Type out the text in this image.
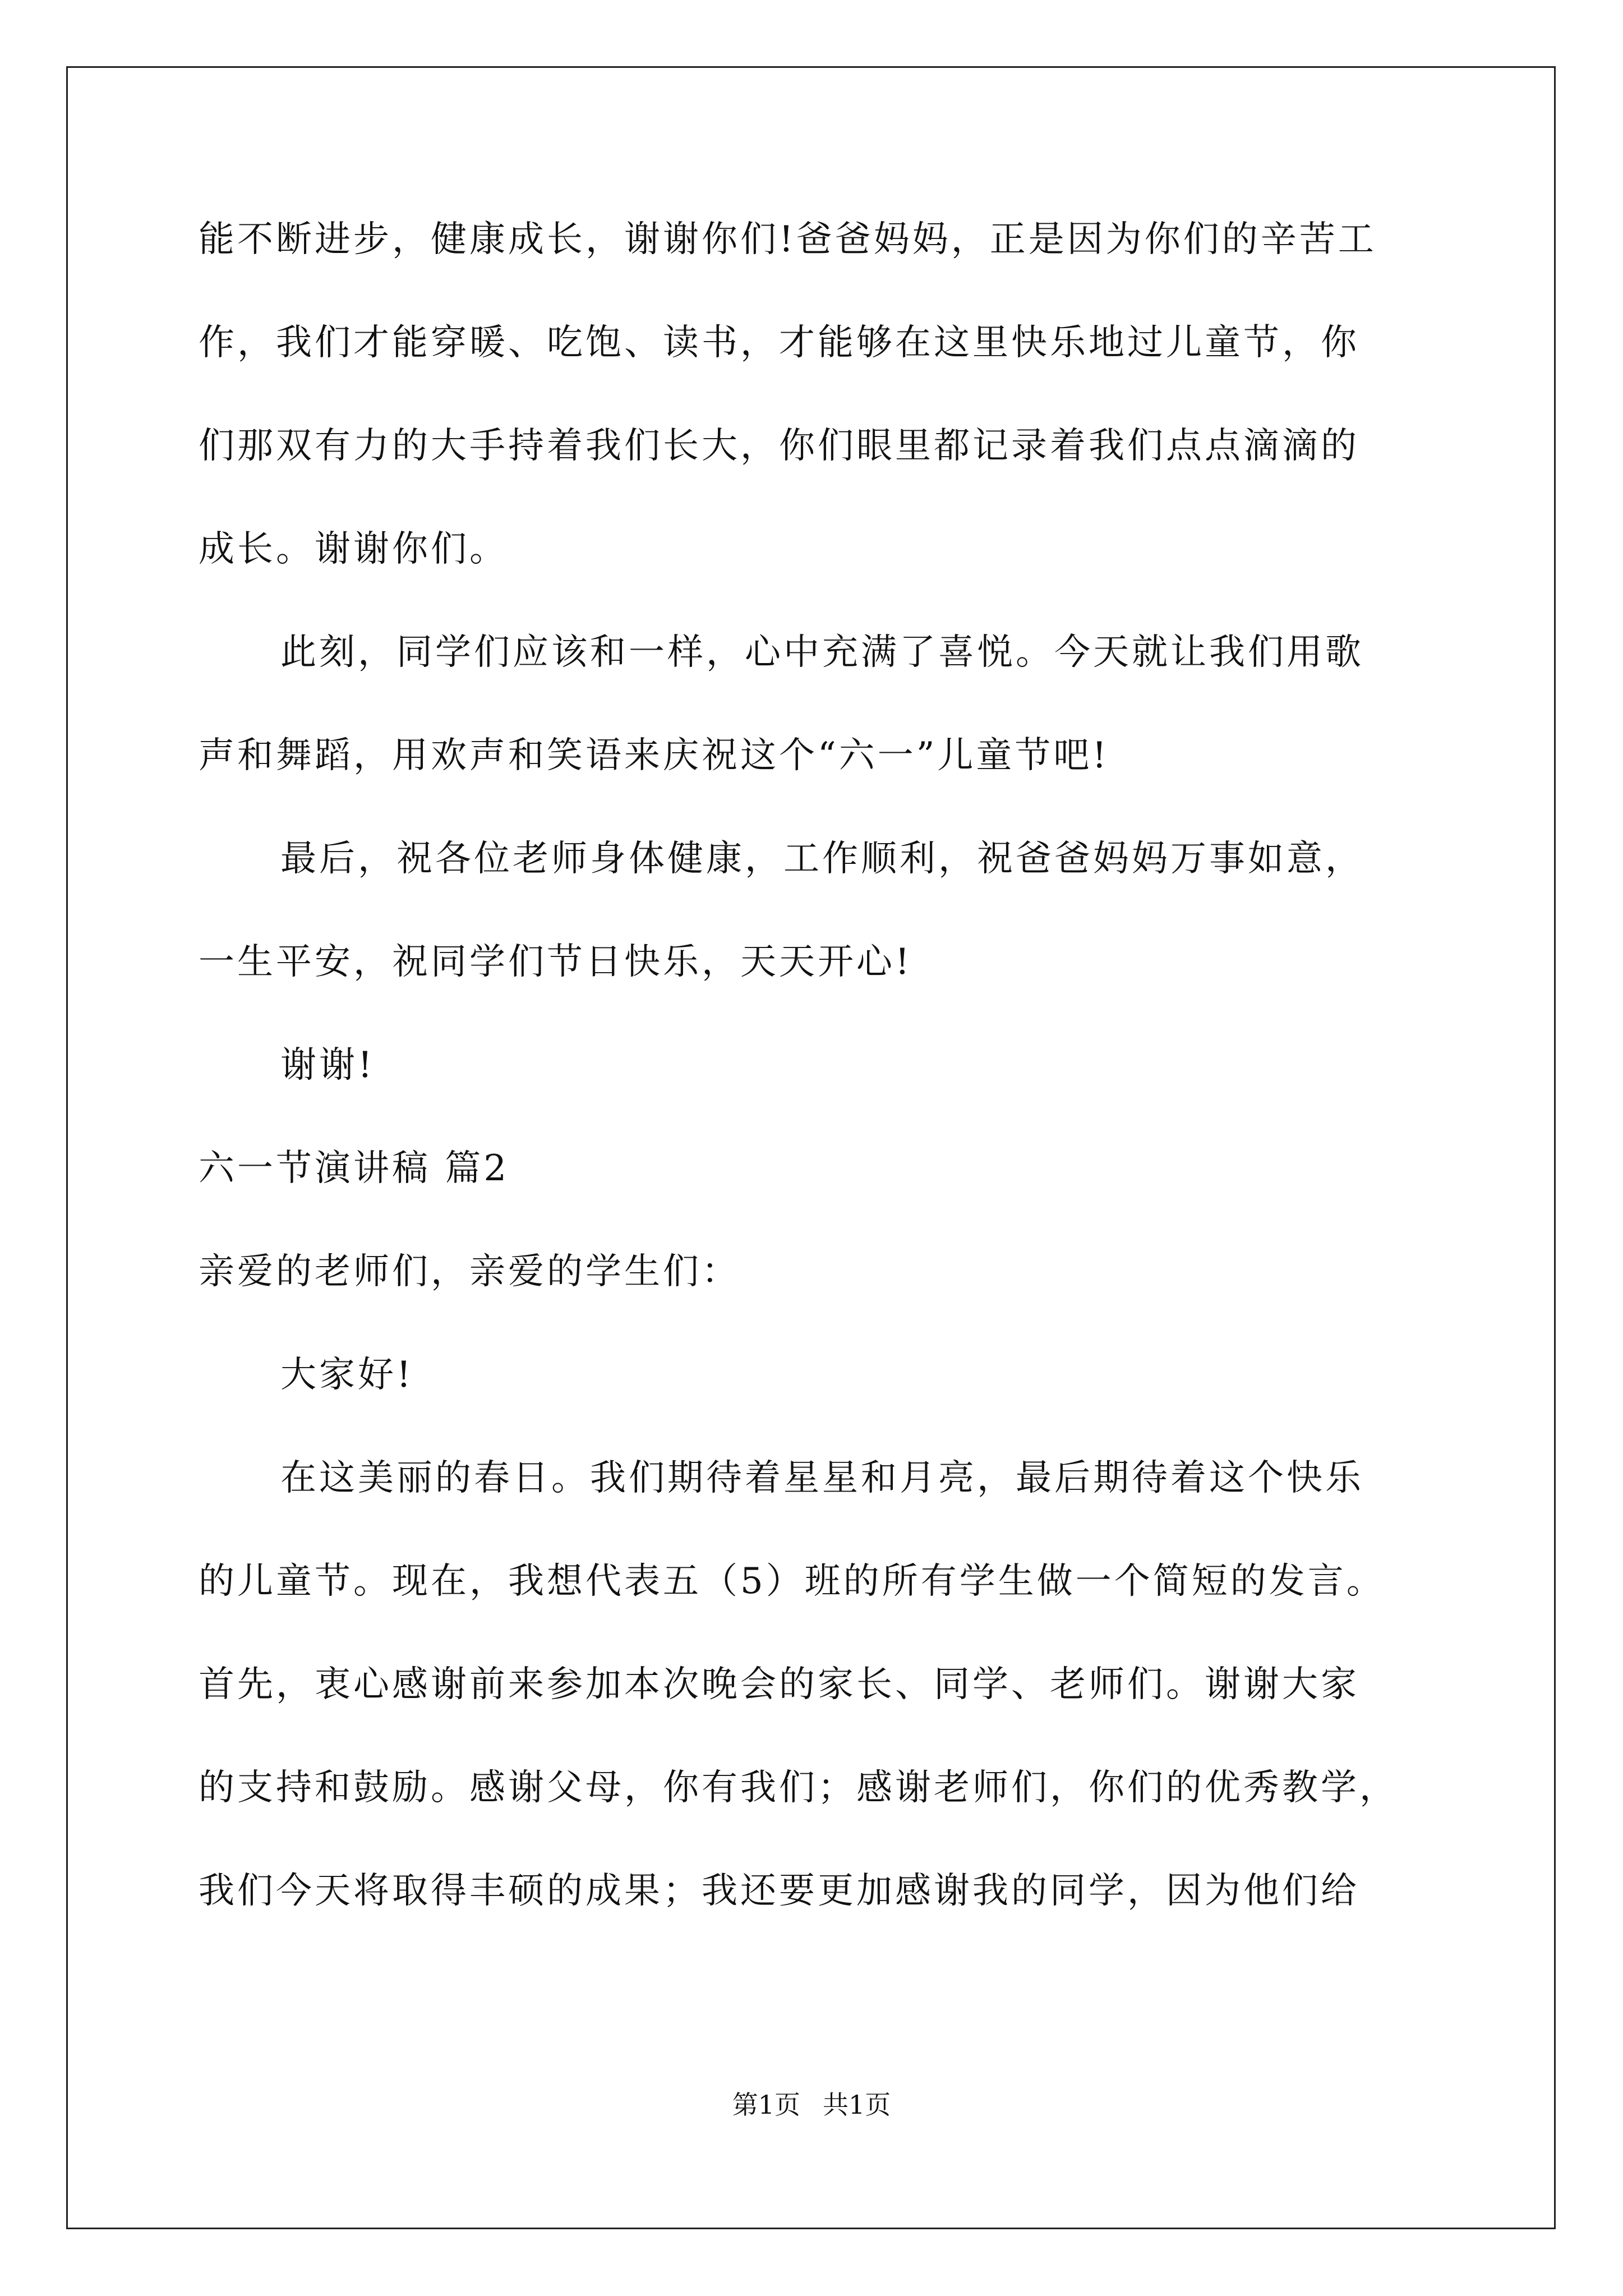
能不断进步，健康成长，谢谢你们!爸爸妈妈，正是因为你们的辛苦工
作，我们才能穿暖、吃饱、读书，才能够在这里快乐地过儿童节，你
们那双有力的大手持着我们长大，你们眼里都记录着我们点点滴滴的
成长。谢谢你们。
此刻，同学们应该和一样，心中充满了喜悦。今天就让我们用歌
声和舞蹈，用欢声和笑语来庆祝这个“六一”儿童节吧!
最后，祝各位老师身体健康，工作顺利，祝爸爸妈妈万事如意，
一生平安，祝同学们节日快乐，天天开心!
谢谢!
六一节演讲稿 篇2
亲爱的老师们，亲爱的学生们：
大家好!
在这美丽的春日。我们期待着星星和月亮，最后期待着这个快乐
的儿童节。现在，我想代表五（5）班的所有学生做一个简短的发言。
首先，衷心感谢前来参加本次晚会的家长、同学、老师们。谢谢大家
的支持和鼓励。感谢父母，你有我们；感谢老师们，你们的优秀教学，
我们今天将取得丰硕的成果；我还要更加感谢我的同学，因为他们给
第1页 共1页
